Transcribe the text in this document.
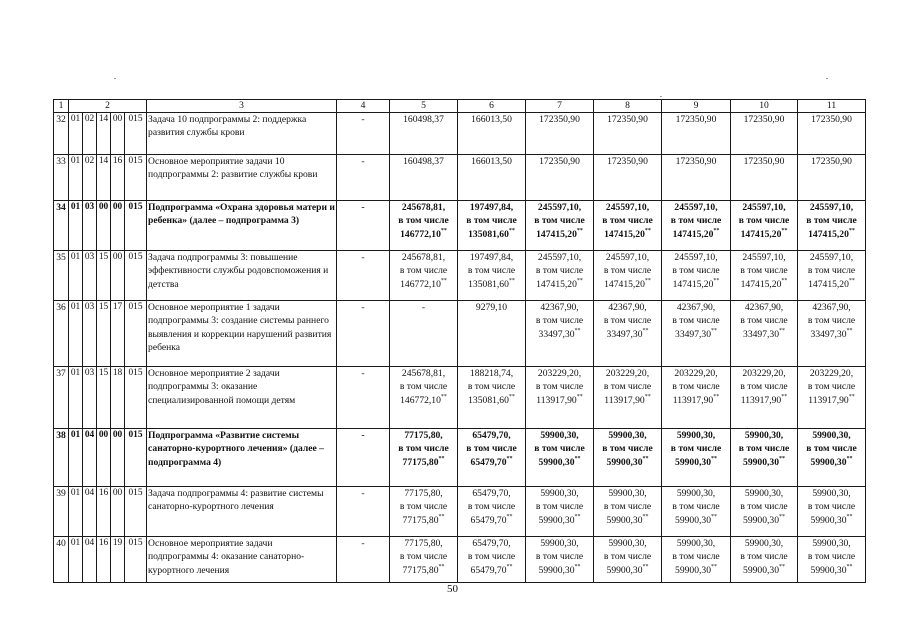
1	2					3	4	5	6	7	8	9	10	11
32	01	02	14	00	015	Задача 10 подпрограммы 2: поддержка развития службы крови	-	160498,37	166013,50	172350,90	172350,90	172350,90	172350,90	172350,90

33	01	02	14	16	015	Основное мероприятие задачи 10 подпрограммы 2: развитие службы крови	-	160498,37	166013,50	172350,90	172350,90	172350,90	172350,90	172350,90

34	01	03	00	00	015	Подпрограмма «Охрана здоровья матери и ребенка» (далее – подпрограмма 3)	-	245678,81,
в том числе
146772,10**	197497,84,
в том числе
135081,60**	245597,10,
в том числе
147415,20**	245597,10,
в том числе
147415,20**	245597,10,
в том числе
147415,20**	245597,10,
в том числе
147415,20**	245597,10,
в том числе
147415,20**

35	01	03	15	00	015	Задача подпрограммы 3: повышение эффективности службы родовспоможения и детства	-	245678,81,
в том числе
146772,10**	197497,84,
в том числе
135081,60**	245597,10,
в том числе
147415,20**	245597,10,
в том числе
147415,20**	245597,10,
в том числе
147415,20**	245597,10,
в том числе
147415,20**	245597,10,
в том числе
147415,20**

36	01	03	15	17	015	Основное мероприятие 1 задачи подпрограммы 3: создание системы раннего выявления и коррекции нарушений развития ребенка	-	-	9279,10	42367,90,
в том числе
33497,30**	42367,90,
в том числе
33497,30**	42367,90,
в том числе
33497,30**	42367,90,
в том числе
33497,30**	42367,90,
в том числе
33497,30**

37	01	03	15	18	015	Основное мероприятие 2 задачи подпрограммы 3: оказание специализированной помощи детям	-	245678,81,
в том числе
146772,10**	188218,74,
в том числе
135081,60**	203229,20,
в том числе
113917,90**	203229,20,
в том числе
113917,90**	203229,20,
в том числе
113917,90**	203229,20,
в том числе
113917,90**	203229,20,
в том числе
113917,90**

38	01	04	00	00	015	Подпрограмма «Развитие системы санаторно-курортного лечения» (далее – подпрограмма 4)	-	77175,80,
в том числе
77175,80**	65479,70,
в том числе
65479,70**	59900,30,
в том числе
59900,30**	59900,30,
в том числе
59900,30**	59900,30,
в том числе
59900,30**	59900,30,
в том числе
59900,30**	59900,30,
в том числе
59900,30**

39	01	04	16	00	015	Задача подпрограммы 4: развитие системы санаторно-курортного лечения	-	77175,80,
в том числе
77175,80**	65479,70,
в том числе
65479,70**	59900,30,
в том числе
59900,30**	59900,30,
в том числе
59900,30**	59900,30,
в том числе
59900,30**	59900,30,
в том числе
59900,30**	59900,30,
в том числе
59900,30**

40	01	04	16	19	015	Основное мероприятие задачи подпрограммы 4: оказание санаторно-курортного лечения	-	77175,80,
в том числе
77175,80**	65479,70,
в том числе
65479,70**	59900,30,
в том числе
59900,30**	59900,30,
в том числе
59900,30**	59900,30,
в том числе
59900,30**	59900,30,
в том числе
59900,30**	59900,30,
в том числе
59900,30**
50
